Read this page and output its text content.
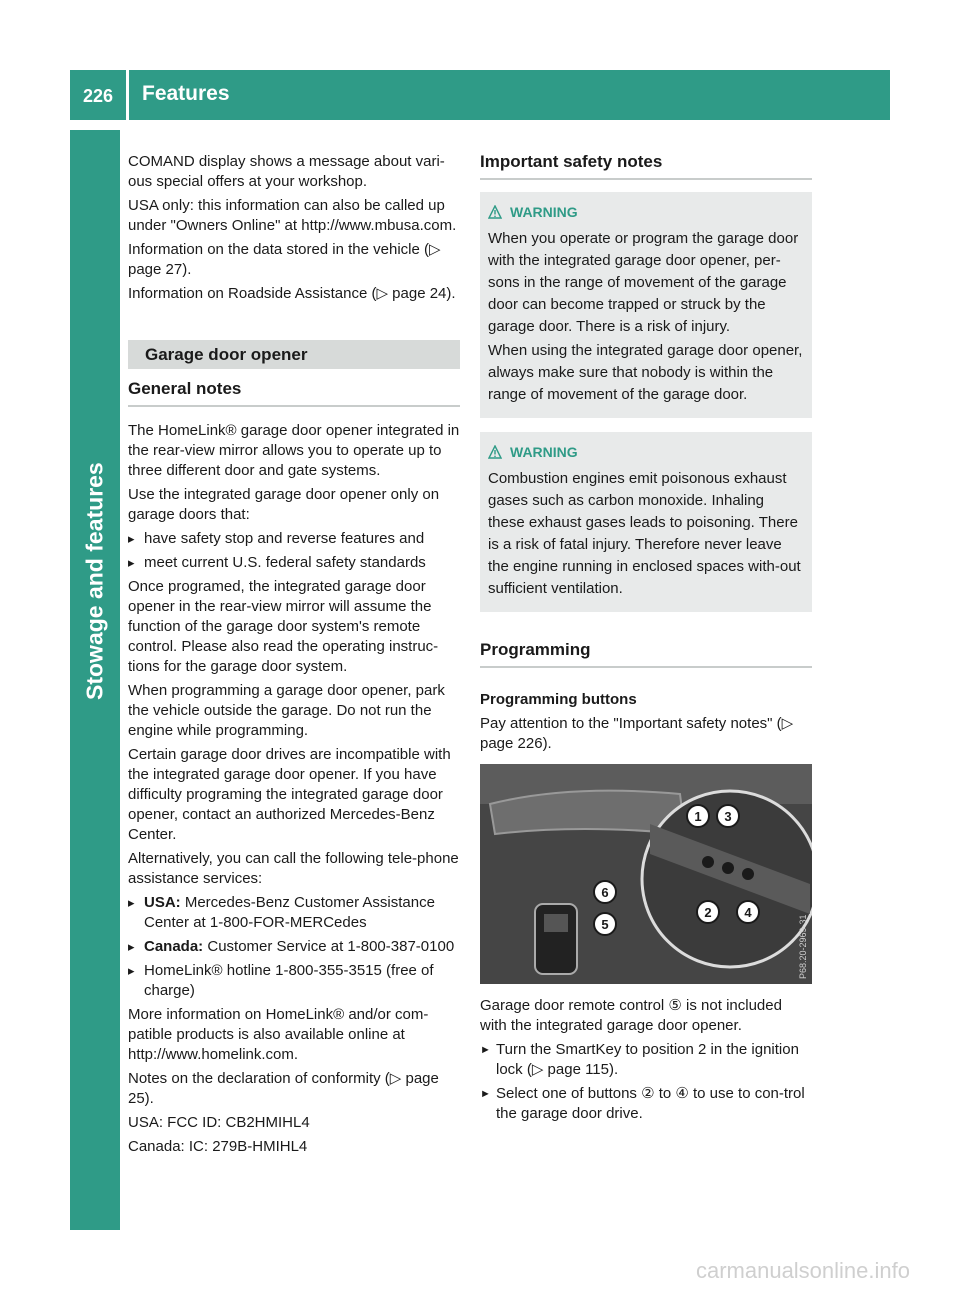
226	Features
Stowage and features

COMAND display shows a message about vari-ous special offers at your workshop.

USA only: this information can also be called up under "Owners Online" at http://www.mbusa.com.

Information on the data stored in the vehicle (▷ page 27).

Information on Roadside Assistance (▷ page 24).

Garage door opener
General notes

The HomeLink® garage door opener integrated in the rear-view mirror allows you to operate up to three different door and gate systems.

Use the integrated garage door opener only on garage doors that:

▸ have safety stop and reverse features and
▸ meet current U.S. federal safety standards

Once programed, the integrated garage door opener in the rear-view mirror will assume the function of the garage door system's remote control. Please also read the operating instruc-tions for the garage door system.

When programming a garage door opener, park the vehicle outside the garage. Do not run the engine while programming.

Certain garage door drives are incompatible with the integrated garage door opener. If you have difficulty programing the integrated garage door opener, contact an authorized Mercedes-Benz Center.

Alternatively, you can call the following tele-phone assistance services:

▸ USA: Mercedes-Benz Customer Assistance Center at 1-800-FOR-MERCedes
▸ Canada: Customer Service at 1-800-387-0100
▸ HomeLink® hotline 1-800-355-3515 (free of charge)

More information on HomeLink® and/or com-patible products is also available online at http://www.homelink.com.

Notes on the declaration of conformity (▷ page 25).

USA: FCC ID: CB2HMIHL4

Canada: IC: 279B-HMIHL4

Important safety notes
WARNING

When you operate or program the garage door with the integrated garage door opener, per-sons in the range of movement of the garage door can become trapped or struck by the garage door. There is a risk of injury.

When using the integrated garage door opener, always make sure that nobody is within the range of movement of the garage door.

WARNING

Combustion engines emit poisonous exhaust gases such as carbon monoxide. Inhaling these exhaust gases leads to poisoning. There is a risk of fatal injury. Therefore never leave the engine running in enclosed spaces with-out sufficient ventilation.

Programming
Programming buttons

Pay attention to the "Important safety notes" (▷ page 226).

1 3
2	4
5
6
P68.20-2969-31

Garage door remote control ⑤ is not included with the integrated garage door opener.

► Turn the SmartKey to position 2 in the ignition lock (▷ page 115).
► Select one of buttons ② to ④ to use to con-trol the garage door drive.
carmanualsonline.info
